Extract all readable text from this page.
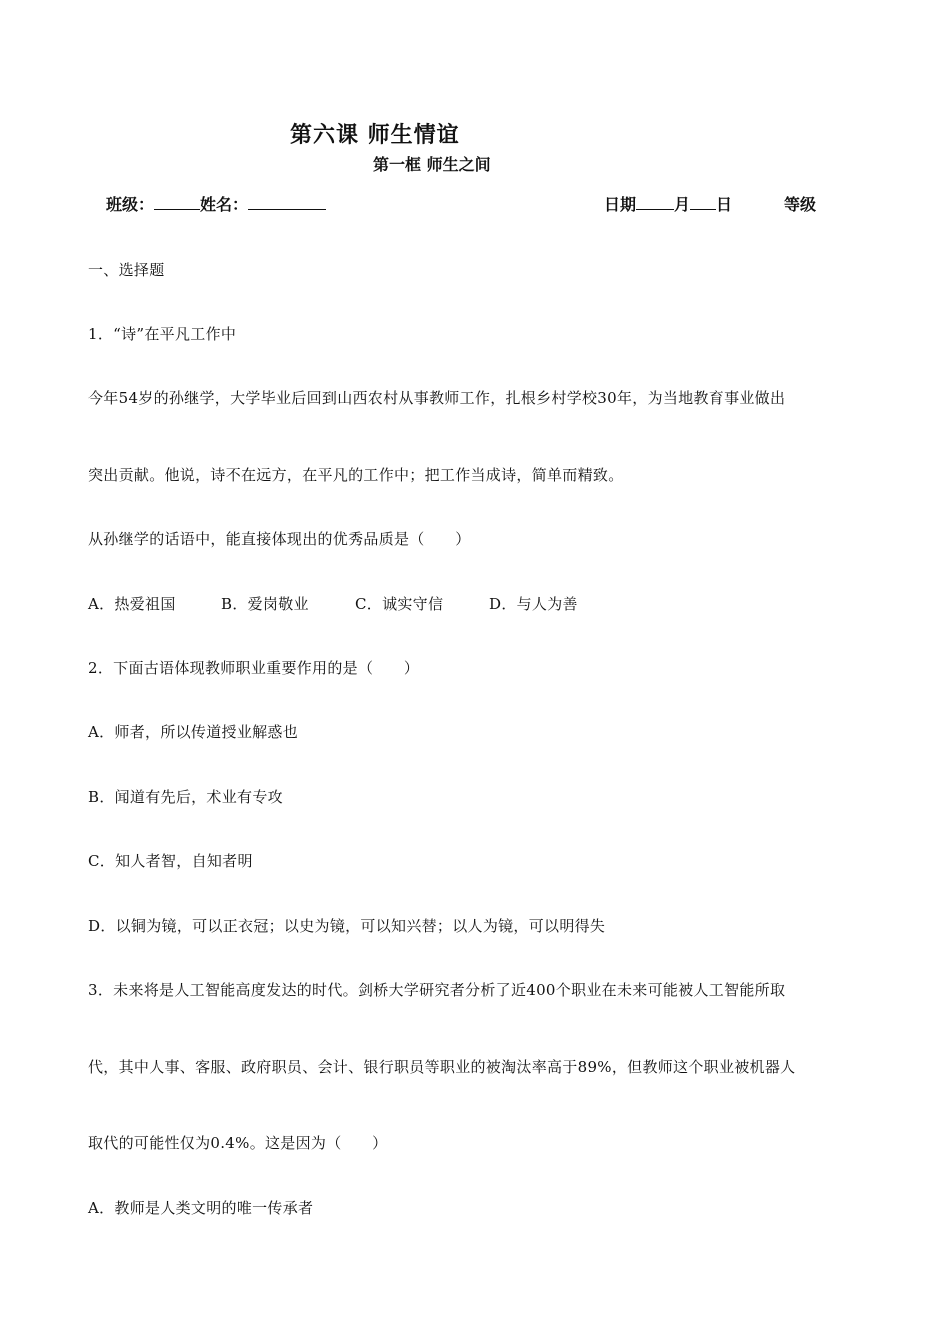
第六课 师生情谊
第一框 师生之间
班级：	姓名：	日期 月 日	等级
一、选择题
1．“诗”在平凡工作中
今年54岁的孙继学，大学毕业后回到山西农村从事教师工作，扎根乡村学校30年，为当地教育事业做出
突出贡献。他说，诗不在远方，在平凡的工作中；把工作当成诗，简单而精致。
从孙继学的话语中，能直接体现出的优秀品质是（　　）
A．热爱祖国	B．爱岗敬业	C．诚实守信	D．与人为善
2．下面古语体现教师职业重要作用的是（　　）
A．师者，所以传道授业解惑也
B．闻道有先后，术业有专攻
C．知人者智，自知者明
D．以铜为镜，可以正衣冠；以史为镜，可以知兴替；以人为镜，可以明得失
3．未来将是人工智能高度发达的时代。剑桥大学研究者分析了近400个职业在未来可能被人工智能所取
代，其中人事、客服、政府职员、会计、银行职员等职业的被淘汰率高于89%，但教师这个职业被机器人
取代的可能性仅为0.4%。这是因为（　　）
A．教师是人类文明的唯一传承者
